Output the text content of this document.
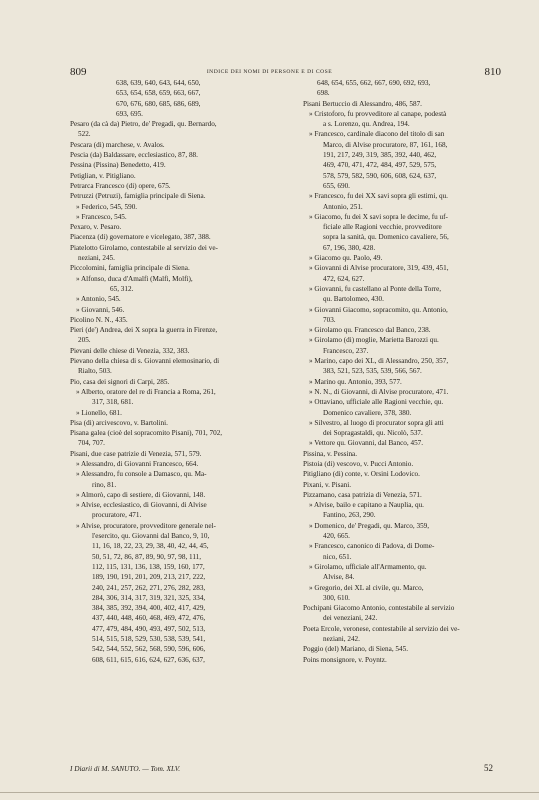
809	INDICE DEI NOMI DI PERSONE E DI COSE	810
638, 639, 640, 643, 644, 650,
653, 654, 658, 659, 663, 667,
670, 676, 680, 685, 686, 689,
693, 695.
Pesaro (da cà da) Pietro, de' Pregadi, qu. Bernardo,
522.
Pescara (di) marchese, v. Avalos.
Pescia (da) Baldassare, ecclesiastico, 87, 88.
Pessina (Pissina) Benedetto, 419.
Petiglian, v. Pitigliano.
Petrarca Francesco (di) opere, 675.
Petruzzi (Petruzi), famiglia principale di Siena.
» Federico, 545, 590.
» Francesco, 545.
Pexaro, v. Pesaro.
Piacenza (di) governatore e vicelegato, 387, 388.
Piatelotto Girolamo, contestabile al servizio dei ve-
neziani, 245.
Piccolomini, famiglia principale di Siena.
» Alfonso, duca d'Amalfi (Malfi, Molfi),
65, 312.
» Antonio, 545.
» Giovanni, 546.
Picolino N. N., 435.
Pieri (de') Andrea, dei X sopra la guerra in Firenze,
205.
Pievani delle chiese di Venezia, 332, 383.
Pievano della chiesa di s. Giovanni elemosinario, di
Rialto, 503.
Pio, casa dei signori di Carpi, 285.
» Alberto, oratore del re di Francia a Roma, 261,
317, 318, 681.
» Lionello, 681.
Pisa (di) arcivescovo, v. Bartolini.
Pisana galea (cioè del sopracomito Pisani), 701, 702,
704, 707.
Pisani, due case patrizie di Venezia, 571, 579.
» Alessandro, di Giovanni Francesco, 664.
» Alessandro, fu console a Damasco, qu. Ma-
rino, 81.
» Almorò, capo di sestiere, di Giovanni, 148.
» Alvise, ecclesiastico, di Giovanni, di Alvise
procuratore, 471.
» Alvise, procuratore, provveditore generale nel-
l'esercito, qu. Giovanni dal Banco, 9, 10,
11, 16, 18, 22, 23, 29, 38, 40, 42, 44, 45,
50, 51, 72, 86, 87, 89, 90, 97, 98, 111,
112, 115, 131, 136, 138, 159, 160, 177,
189, 190, 191, 201, 209, 213, 217, 222,
240, 241, 257, 262, 271, 276, 282, 283,
284, 306, 314, 317, 319, 321, 325, 334,
384, 385, 392, 394, 400, 402, 417, 429,
437, 440, 448, 460, 468, 469, 472, 476,
477, 479, 484, 490, 493, 497, 502, 513,
514, 515, 518, 529, 530, 538, 539, 541,
542, 544, 552, 562, 568, 590, 596, 606,
608, 611, 615, 616, 624, 627, 636, 637,
648, 654, 655, 662, 667, 690, 692, 693,
698.
Pisani Bertuccio di Alessandro, 486, 587.
» Cristoforo, fu provveditore al canape, podestà
a s. Lorenzo, qu. Andrea, 194.
» Francesco, cardinale diacono del titolo di san
Marco, di Alvise procuratore, 87, 161, 168,
191, 217, 249, 319, 385, 392, 440, 462,
469, 470, 471, 472, 484, 497, 529, 575,
578, 579, 582, 590, 606, 608, 624, 637,
655, 690.
» Francesco, fu dei XX savi sopra gli estimi, qu.
Antonio, 251.
» Giacomo, fu dei X savi sopra le decime, fu uf-
ficiale alle Ragioni vecchie, provveditore
sopra la sanità, qu. Domenico cavaliere, 56,
67, 196, 380, 428.
» Giacomo qu. Paolo, 49.
» Giovanni di Alvise procuratore, 319, 439, 451,
472, 624, 627.
» Giovanni, fu castellano al Ponte della Torre,
qu. Bartolomeo, 430.
» Giovanni Giacomo, sopracomito, qu. Antonio,
703.
» Girolamo qu. Francesco dal Banco, 238.
» Girolamo (di) moglie, Marietta Barozzi qu.
Francesco, 237.
» Marino, capo dei XL, di Alessandro, 250, 357,
383, 521, 523, 535, 539, 566, 567.
» Marino qu. Antonio, 393, 577.
» N. N., di Giovanni, di Alvise procuratore, 471.
» Ottaviano, ufficiale alle Ragioni vecchie, qu.
Domenico cavaliere, 378, 380.
» Silvestro, al luogo di procurator sopra gli atti
dei Sopragastaldi, qu. Nicolò, 537.
» Vettore qu. Giovanni, dal Banco, 457.
Pissina, v. Pessina.
Pistoia (di) vescovo, v. Pucci Antonio.
Pitigliano (di) conte, v. Orsini Lodovico.
Pixani, v. Pisani.
Pizzamano, casa patrizia di Venezia, 571.
» Alvise, bailo e capitano a Nauplia, qu.
Fantino, 263, 290.
» Domenico, de' Pregadi, qu. Marco, 359,
420, 665.
» Francesco, canonico di Padova, di Dome-
nico, 651.
» Girolamo, ufficiale all'Armamento, qu.
Alvise, 84.
» Gregorio, dei XL al civile, qu. Marco,
300, 610.
Pochipani Giacomo Antonio, contestabile al servizio
dei veneziani, 242.
Poeta Ercole, veronese, contestabile al servizio dei ve-
neziani, 242.
Poggio (del) Mariano, di Siena, 545.
Poins monsignore, v. Poyntz.
I Diarii di M. SANUTO. — Tom. XLV.	52
